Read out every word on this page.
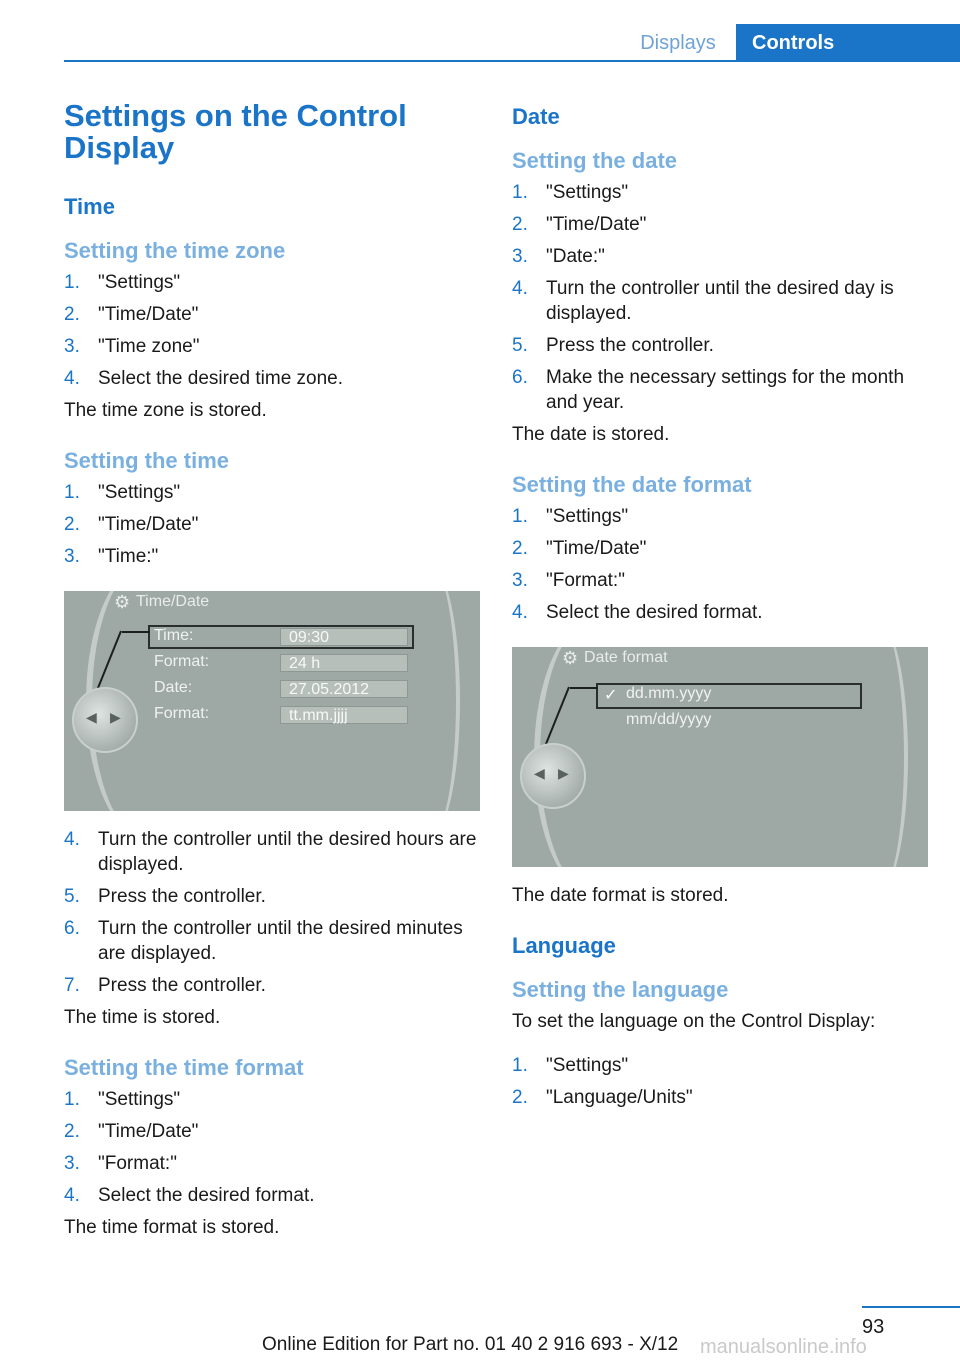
Displays	Controls
Settings on the Control Display
Time
Setting the time zone
1. "Settings"
2. "Time/Date"
3. "Time zone"
4. Select the desired time zone.

The time zone is stored.

Setting the time
1. "Settings"
2. "Time/Date"
3. "Time:"
⚙ Time/Date
Time:	09:30
Format:	24 h
Date:	27.05.2012
Format:	tt.mm.jjjj
◀ ▶
4. Turn the controller until the desired hours are displayed.
5. Press the controller.
6. Turn the controller until the desired minutes are displayed.
7. Press the controller.

The time is stored.

Setting the time format
1. "Settings"
2. "Time/Date"
3. "Format:"
4. Select the desired format.

The time format is stored.

Date
Setting the date
1. "Settings"
2. "Time/Date"
3. "Date:"
4. Turn the controller until the desired day is displayed.
5. Press the controller.
6. Make the necessary settings for the month and year.

The date is stored.

Setting the date format
1. "Settings"
2. "Time/Date"
3. "Format:"
4. Select the desired format.
⚙ Date format
✓ dd.mm.yyyy
mm/dd/yyyy
◀ ▶

The date format is stored.

Language
Setting the language

To set the language on the Control Display:

1. "Settings"
2. "Language/Units"
93
Online Edition for Part no. 01 40 2 916 693 - X/12 manualsonline.info
